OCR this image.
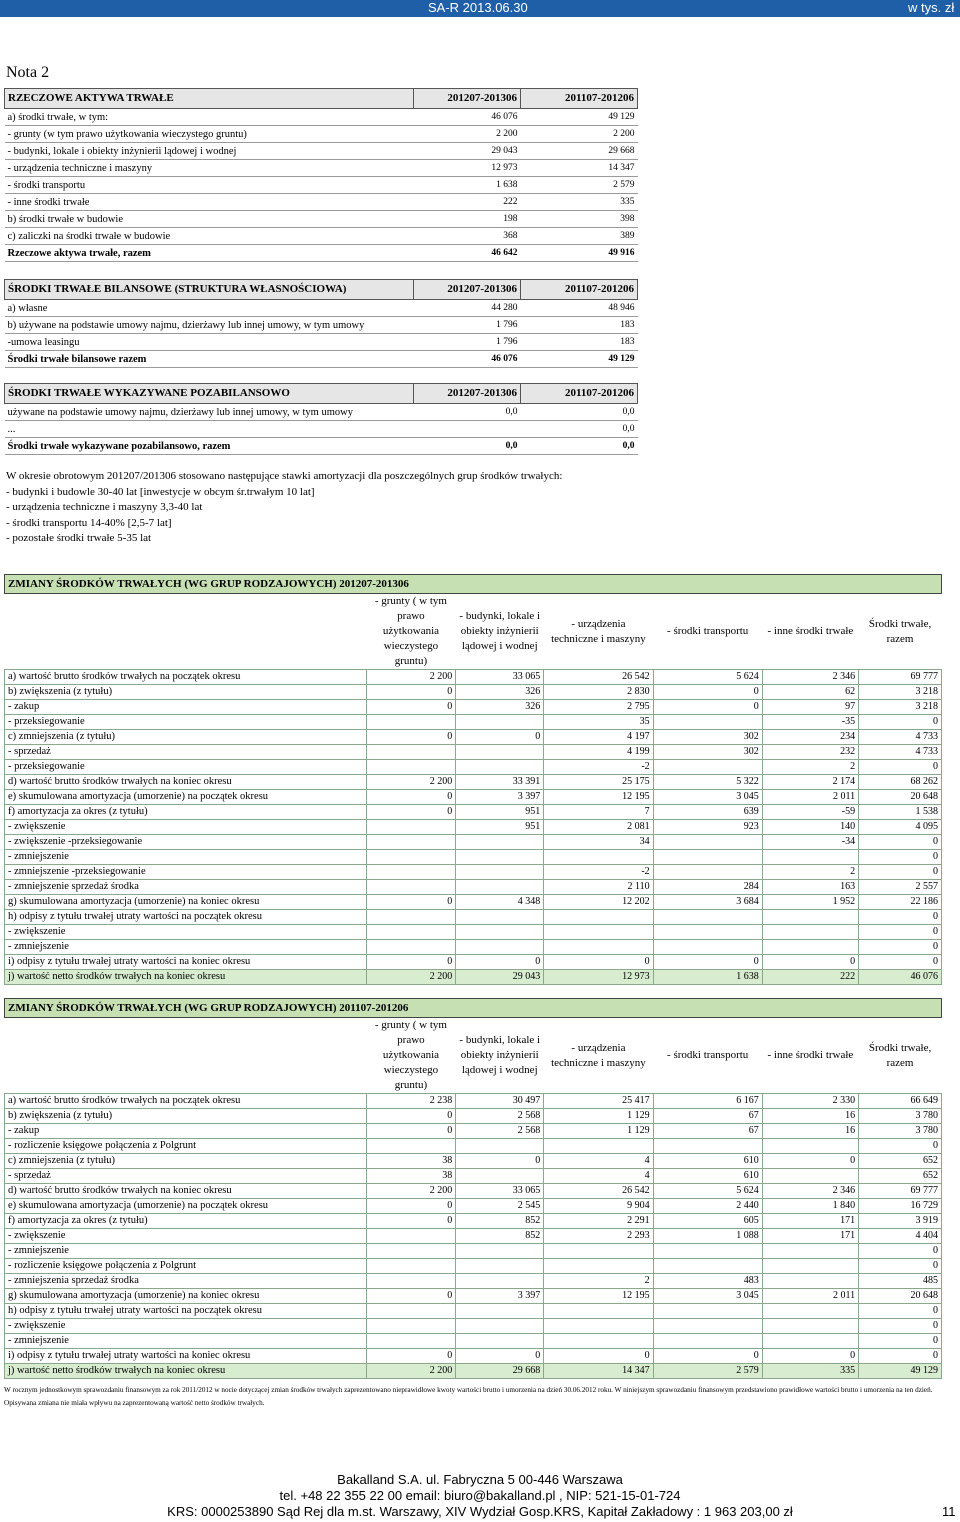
SA-R 2013.06.30	w tys. zł
Nota 2
RZECZOWE AKTYWA TRWAŁE	201207-201306	201107-201206
a) środki trwałe, w tym:	46 076	49 129
- grunty (w tym prawo użytkowania wieczystego gruntu)	2 200	2 200
- budynki, lokale i obiekty inżynierii lądowej i wodnej	29 043	29 668
- urządzenia techniczne i maszyny	12 973	14 347
- środki transportu	1 638	2 579
- inne środki trwałe	222	335
b) środki trwałe w budowie	198	398
c) zaliczki na środki trwałe w budowie	368	389
Rzeczowe aktywa trwałe, razem	46 642	49 916
ŚRODKI TRWAŁE BILANSOWE (STRUKTURA WŁASNOŚCIOWA)	201207-201306	201107-201206
a) własne	44 280	48 946
b) używane na podstawie umowy najmu, dzierżawy lub innej umowy, w tym umowy	1 796	183
-umowa leasingu	1 796	183
Środki trwałe bilansowe razem	46 076	49 129
ŚRODKI TRWAŁE WYKAZYWANE POZABILANSOWO	201207-201306	201107-201206
używane na podstawie umowy najmu, dzierżawy lub innej umowy, w tym umowy	0,0	0,0
...		0,0
Środki trwałe wykazywane pozabilansowo, razem	0,0	0,0
W okresie obrotowym 201207/201306 stosowano następujące stawki amortyzacji dla poszczególnych grup środków trwałych:
- budynki i budowle 30-40 lat [inwestycje w obcym śr.trwałym 10 lat]
- urządzenia techniczne i maszyny 3,3-40 lat
- środki transportu 14-40% [2,5-7 lat]
- pozostałe środki trwałe 5-35 lat
ZMIANY ŚRODKÓW TRWAŁYCH (WG GRUP RODZAJOWYCH) 201207-201306						
	- grunty ( w tym prawo użytkowania wieczystego gruntu)	- budynki, lokale i obiekty inżynierii lądowej i wodnej	- urządzenia techniczne i maszyny	- środki transportu	- inne środki trwałe	Środki trwałe, razem
a) wartość brutto środków trwałych na początek okresu	2 200	33 065	26 542	5 624	2 346	69 777
b) zwiększenia (z tytułu)	0	326	2 830	0	62	3 218
- zakup	0	326	2 795	0	97	3 218
- przeksiegowanie			35		-35	0
c) zmniejszenia (z tytułu)	0	0	4 197	302	234	4 733
- sprzedaż			4 199	302	232	4 733
- przeksiegowanie			-2		2	0
d) wartość brutto środków trwałych na koniec okresu	2 200	33 391	25 175	5 322	2 174	68 262
e) skumulowana amortyzacja (umorzenie) na początek okresu	0	3 397	12 195	3 045	2 011	20 648
f) amortyzacja za okres (z tytułu)	0	951	7	639	-59	1 538
- zwiększenie		951	2 081	923	140	4 095
- zwiększenie -przeksiegowanie			34		-34	0
- zmniejszenie						0
- zmniejszenie -przeksiegowanie			-2		2	0
- zmniejszenie sprzedaż środka			2 110	284	163	2 557
g) skumulowana amortyzacja (umorzenie) na koniec okresu	0	4 348	12 202	3 684	1 952	22 186
h) odpisy z tytułu trwałej utraty wartości na początek okresu						0
- zwiększenie						0
- zmniejszenie						0
i) odpisy z tytułu trwałej utraty wartości na koniec okresu	0	0	0	0	0	0
j) wartość netto środków trwałych na koniec okresu	2 200	29 043	12 973	1 638	222	46 076
ZMIANY ŚRODKÓW TRWAŁYCH (WG GRUP RODZAJOWYCH) 201107-201206						
	- grunty ( w tym prawo użytkowania wieczystego gruntu)	- budynki, lokale i obiekty inżynierii lądowej i wodnej	- urządzenia techniczne i maszyny	- środki transportu	- inne środki trwałe	Środki trwałe, razem
a) wartość brutto środków trwałych na początek okresu	2 238	30 497	25 417	6 167	2 330	66 649
b) zwiększenia (z tytułu)	0	2 568	1 129	67	16	3 780
- zakup	0	2 568	1 129	67	16	3 780
- rozliczenie księgowe połączenia z Polgrunt						0
c) zmniejszenia (z tytułu)	38	0	4	610	0	652
- sprzedaż	38		4	610		652
d) wartość brutto środków trwałych na koniec okresu	2 200	33 065	26 542	5 624	2 346	69 777
e) skumulowana amortyzacja (umorzenie) na początek okresu	0	2 545	9 904	2 440	1 840	16 729
f) amortyzacja za okres (z tytułu)	0	852	2 291	605	171	3 919
- zwiększenie		852	2 293	1 088	171	4 404
- zmniejszenie						0
- rozliczenie księgowe połączenia z Polgrunt						0
- zmniejszenia sprzedaż środka			2	483		485
g) skumulowana amortyzacja (umorzenie) na koniec okresu	0	3 397	12 195	3 045	2 011	20 648
h) odpisy z tytułu trwałej utraty wartości na początek okresu						0
- zwiększenie						0
- zmniejszenie						0
i) odpisy z tytułu trwałej utraty wartości na koniec okresu	0	0	0	0	0	0
j) wartość netto środków trwałych na koniec okresu	2 200	29 668	14 347	2 579	335	49 129
W rocznym jednostkowym sprawozdaniu finansowym za rok 2011/2012 w nocie dotyczącej zmian środków trwałych zaprezentowano nieprawidłowe kwoty wartości brutto i umorzenia na dzień 30.06.2012 roku. W niniejszym sprawozdaniu finansowym przedstawiono prawidłowe wartości brutto i umorzenia na ten dzień. Opisywana zmiana nie miała wpływu na zaprezentowaną wartość netto środków trwałych.
Bakalland S.A. ul. Fabryczna 5 00-446 Warszawa
tel. +48 22 355 22 00 email: biuro@bakalland.pl , NIP: 521-15-01-724
KRS: 0000253890 Sąd Rej dla m.st. Warszawy, XIV Wydział Gosp.KRS, Kapitał Zakładowy : 1 963 203,00 zł	11
